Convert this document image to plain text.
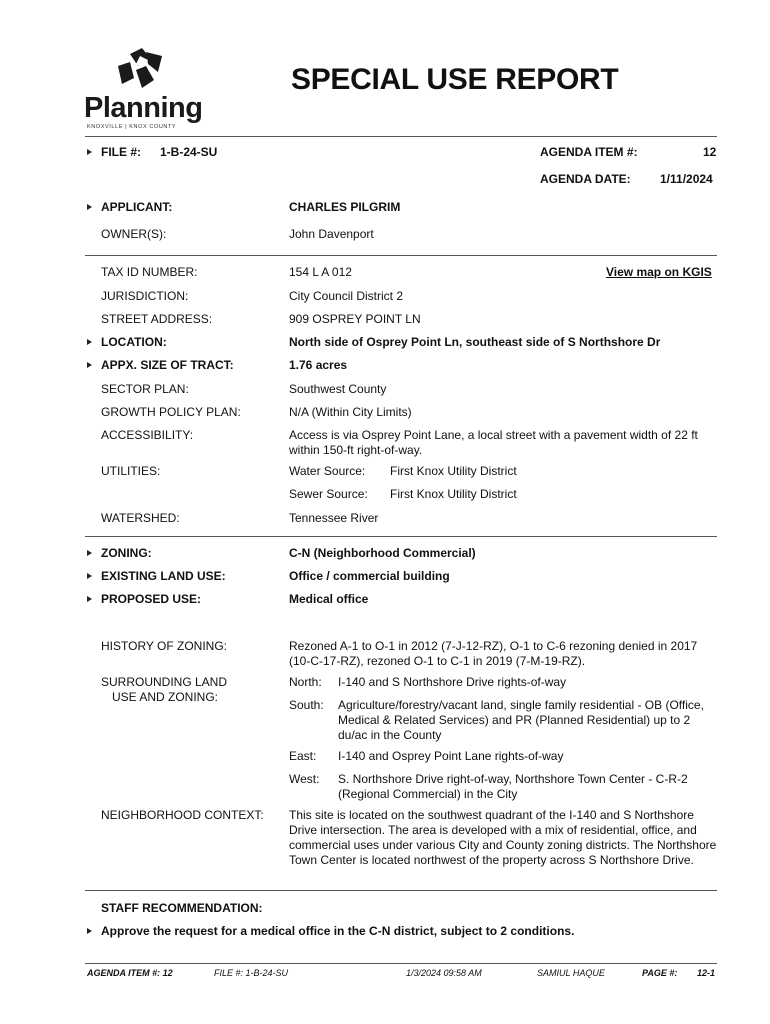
Planning
KNOXVILLE | KNOX COUNTY
SPECIAL USE REPORT
FILE #: 1-B-24-SU	AGENDA ITEM #:	12
AGENDA DATE: 1/11/2024
APPLICANT:	CHARLES PILGRIM
OWNER(S):	John Davenport
TAX ID NUMBER:	154 L A 012	View map on KGIS
JURISDICTION:	City Council District 2
STREET ADDRESS:	909 OSPREY POINT LN
LOCATION:	North side of Osprey Point Ln, southeast side of S Northshore Dr
APPX. SIZE OF TRACT:	1.76 acres
SECTOR PLAN:	Southwest County
GROWTH POLICY PLAN:	N/A (Within City Limits)
ACCESSIBILITY:	Access is via Osprey Point Lane, a local street with a pavement width of 22 ft within 150-ft right-of-way.
UTILITIES:	Water Source: First Knox Utility District
Sewer Source: First Knox Utility District
WATERSHED:	Tennessee River
ZONING:	C-N (Neighborhood Commercial)
EXISTING LAND USE:	Office / commercial building
PROPOSED USE:	Medical office
HISTORY OF ZONING:	Rezoned A-1 to O-1 in 2012 (7-J-12-RZ), O-1 to C-6 rezoning denied in 2017 (10-C-17-RZ), rezoned O-1 to C-1 in 2019 (7-M-19-RZ).
SURROUNDING LAND
USE AND ZONING:
North: I-140 and S Northshore Drive rights-of-way
South: Agriculture/forestry/vacant land, single family residential - OB (Office, Medical & Related Services) and PR (Planned Residential) up to 2 du/ac in the County
East: I-140 and Osprey Point Lane rights-of-way
West: S. Northshore Drive right-of-way, Northshore Town Center - C-R-2 (Regional Commercial) in the City
NEIGHBORHOOD CONTEXT: This site is located on the southwest quadrant of the I-140 and S Northshore Drive intersection. The area is developed with a mix of residential, office, and commercial uses under various City and County zoning districts. The Northshore Town Center is located northwest of the property across S Northshore Drive.
STAFF RECOMMENDATION:
Approve the request for a medical office in the C-N district, subject to 2 conditions.
AGENDA ITEM #: 12	FILE #: 1-B-24-SU	1/3/2024 09:58 AM	SAMIUL HAQUE	PAGE #: 12-1
